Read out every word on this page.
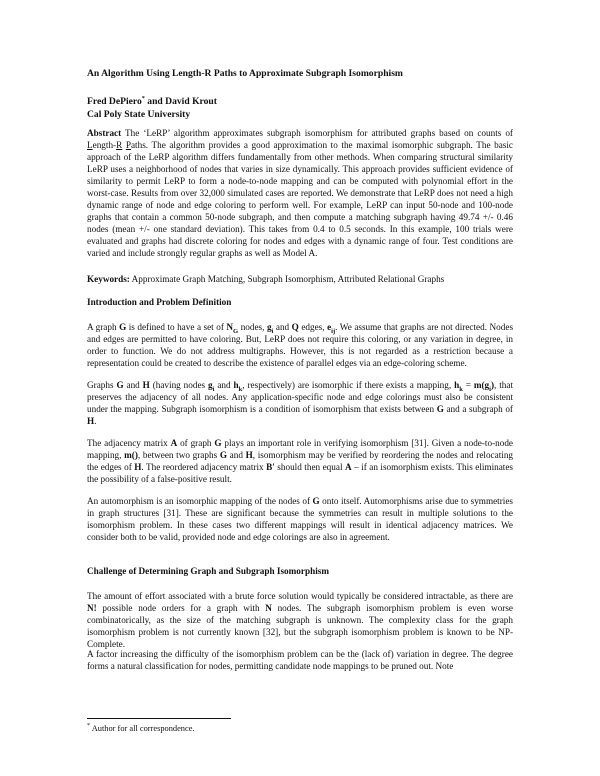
An Algorithm Using Length-R Paths to Approximate Subgraph Isomorphism

Fred DePiero* and David Krout
Cal Poly State University

Abstract The ‘LeRP’ algorithm approximates subgraph isomorphism for attributed graphs based on counts of Length-R Paths. The algorithm provides a good approximation to the maximal isomorphic subgraph. The basic approach of the LeRP algorithm differs fundamentally from other methods. When comparing structural similarity LeRP uses a neighborhood of nodes that varies in size dynamically. This approach provides sufficient evidence of similarity to permit LeRP to form a node-to-node mapping and can be computed with polynomial effort in the worst-case. Results from over 32,000 simulated cases are reported. We demonstrate that LeRP does not need a high dynamic range of node and edge coloring to perform well. For example, LeRP can input 50-node and 100-node graphs that contain a common 50-node subgraph, and then compute a matching subgraph having 49.74 +/- 0.46 nodes (mean +/- one standard deviation). This takes from 0.4 to 0.5 seconds. In this example, 100 trials were evaluated and graphs had discrete coloring for nodes and edges with a dynamic range of four. Test conditions are varied and include strongly regular graphs as well as Model A.

Keywords: Approximate Graph Matching, Subgraph Isomorphism, Attributed Relational Graphs

Introduction and Problem Definition

A graph G is defined to have a set of $N_G$ nodes, $g_i$ and Q edges, $e_{ij}$. We assume that graphs are not directed. Nodes and edges are permitted to have coloring. But, LeRP does not require this coloring, or any variation in degree, in order to function. We do not address multigraphs. However, this is not regarded as a restriction because a representation could be created to describe the existence of parallel edges via an edge-coloring scheme.

Graphs G and H (having nodes $g_i$ and $h_k$, respectively) are isomorphic if there exists a mapping, $h_k = m(g_i)$, that preserves the adjacency of all nodes. Any application-specific node and edge colorings must also be consistent under the mapping. Subgraph isomorphism is a condition of isomorphism that exists between G and a subgraph of H.

The adjacency matrix A of graph G plays an important role in verifying isomorphism [31]. Given a node-to-node mapping, m(), between two graphs G and H, isomorphism may be verified by reordering the nodes and relocating the edges of H. The reordered adjacency matrix B' should then equal A – if an isomorphism exists. This eliminates the possibility of a false-positive result.

An automorphism is an isomorphic mapping of the nodes of G onto itself. Automorphisms arise due to symmetries in graph structures [31]. These are significant because the symmetries can result in multiple solutions to the isomorphism problem. In these cases two different mappings will result in identical adjacency matrices. We consider both to be valid, provided node and edge colorings are also in agreement.

Challenge of Determining Graph and Subgraph Isomorphism

The amount of effort associated with a brute force solution would typically be considered intractable, as there are N! possible node orders for a graph with N nodes. The subgraph isomorphism problem is even worse combinatorically, as the size of the matching subgraph is unknown. The complexity class for the graph isomorphism problem is not currently known [32], but the subgraph isomorphism problem is known to be NP-Complete.

A factor increasing the difficulty of the isomorphism problem can be the (lack of) variation in degree. The degree forms a natural classification for nodes, permitting candidate node mappings to be pruned out. Note

* Author for all correspondence.
